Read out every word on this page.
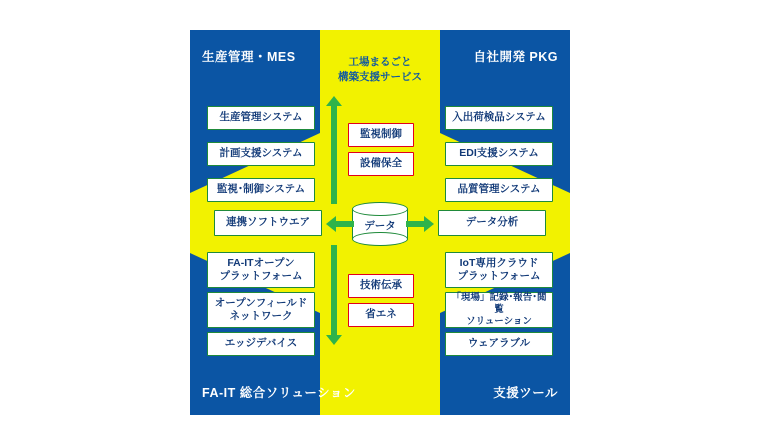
生産管理・MES	自社開発 PKG
FA-IT 総合ソリューション	支援ツール
工場まるごと
構築支援サービス
生産管理システム
計画支援システム
監視･制御システム
入出荷検品システム
EDI支援システム
品質管理システム
監視制御
設備保全
技術伝承
省エネ
連携ソフトウエア	データ分析
データ
FA-ITオープン
プラットフォーム
オープンフィールド
ネットワーク
エッジデバイス
IoT専用クラウド
プラットフォーム
「現場」記録･報告･閲覧
ソリューション
ウェアラブル
